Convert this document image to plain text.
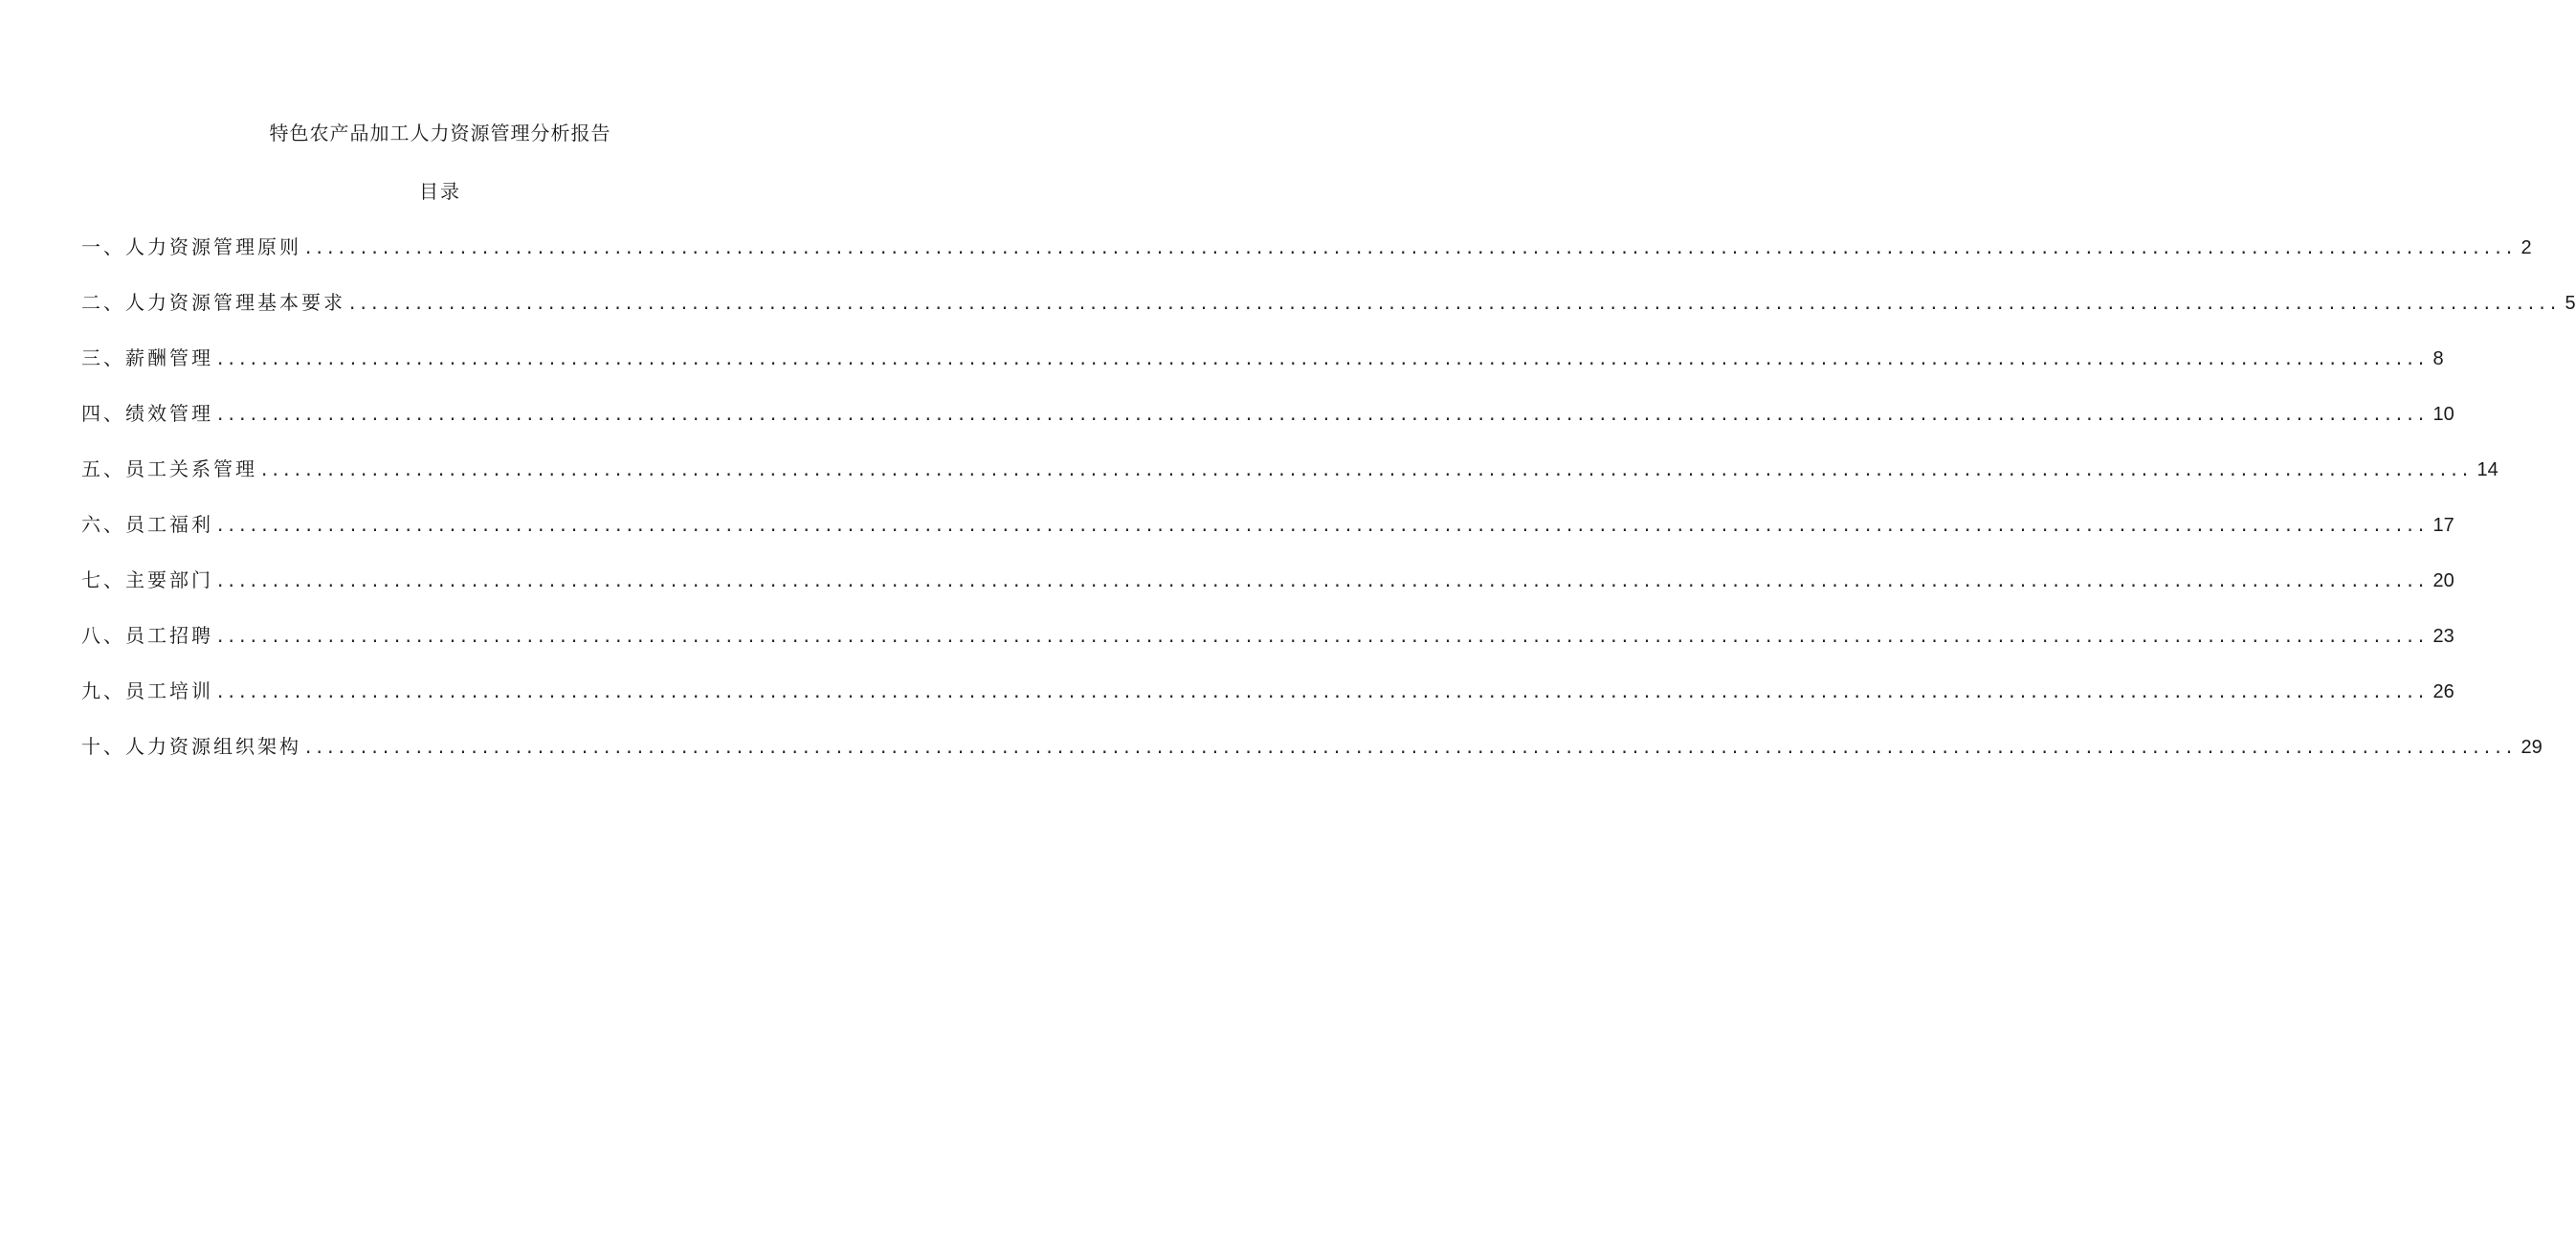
特色农产品加工人力资源管理分析报告
目录
一、人力资源管理原则 ........................................................................................................................................................................................................ 2
二、人力资源管理基本要求 ........................................................................................................................................................................................................ 5
三、薪酬管理 ........................................................................................................................................................................................................ 8
四、绩效管理 ........................................................................................................................................................................................................ 10
五、员工关系管理 ........................................................................................................................................................................................................ 14
六、员工福利 ........................................................................................................................................................................................................ 17
七、主要部门 ........................................................................................................................................................................................................ 20
八、员工招聘 ........................................................................................................................................................................................................ 23
九、员工培训 ........................................................................................................................................................................................................ 26
十、人力资源组织架构 ........................................................................................................................................................................................................ 29
